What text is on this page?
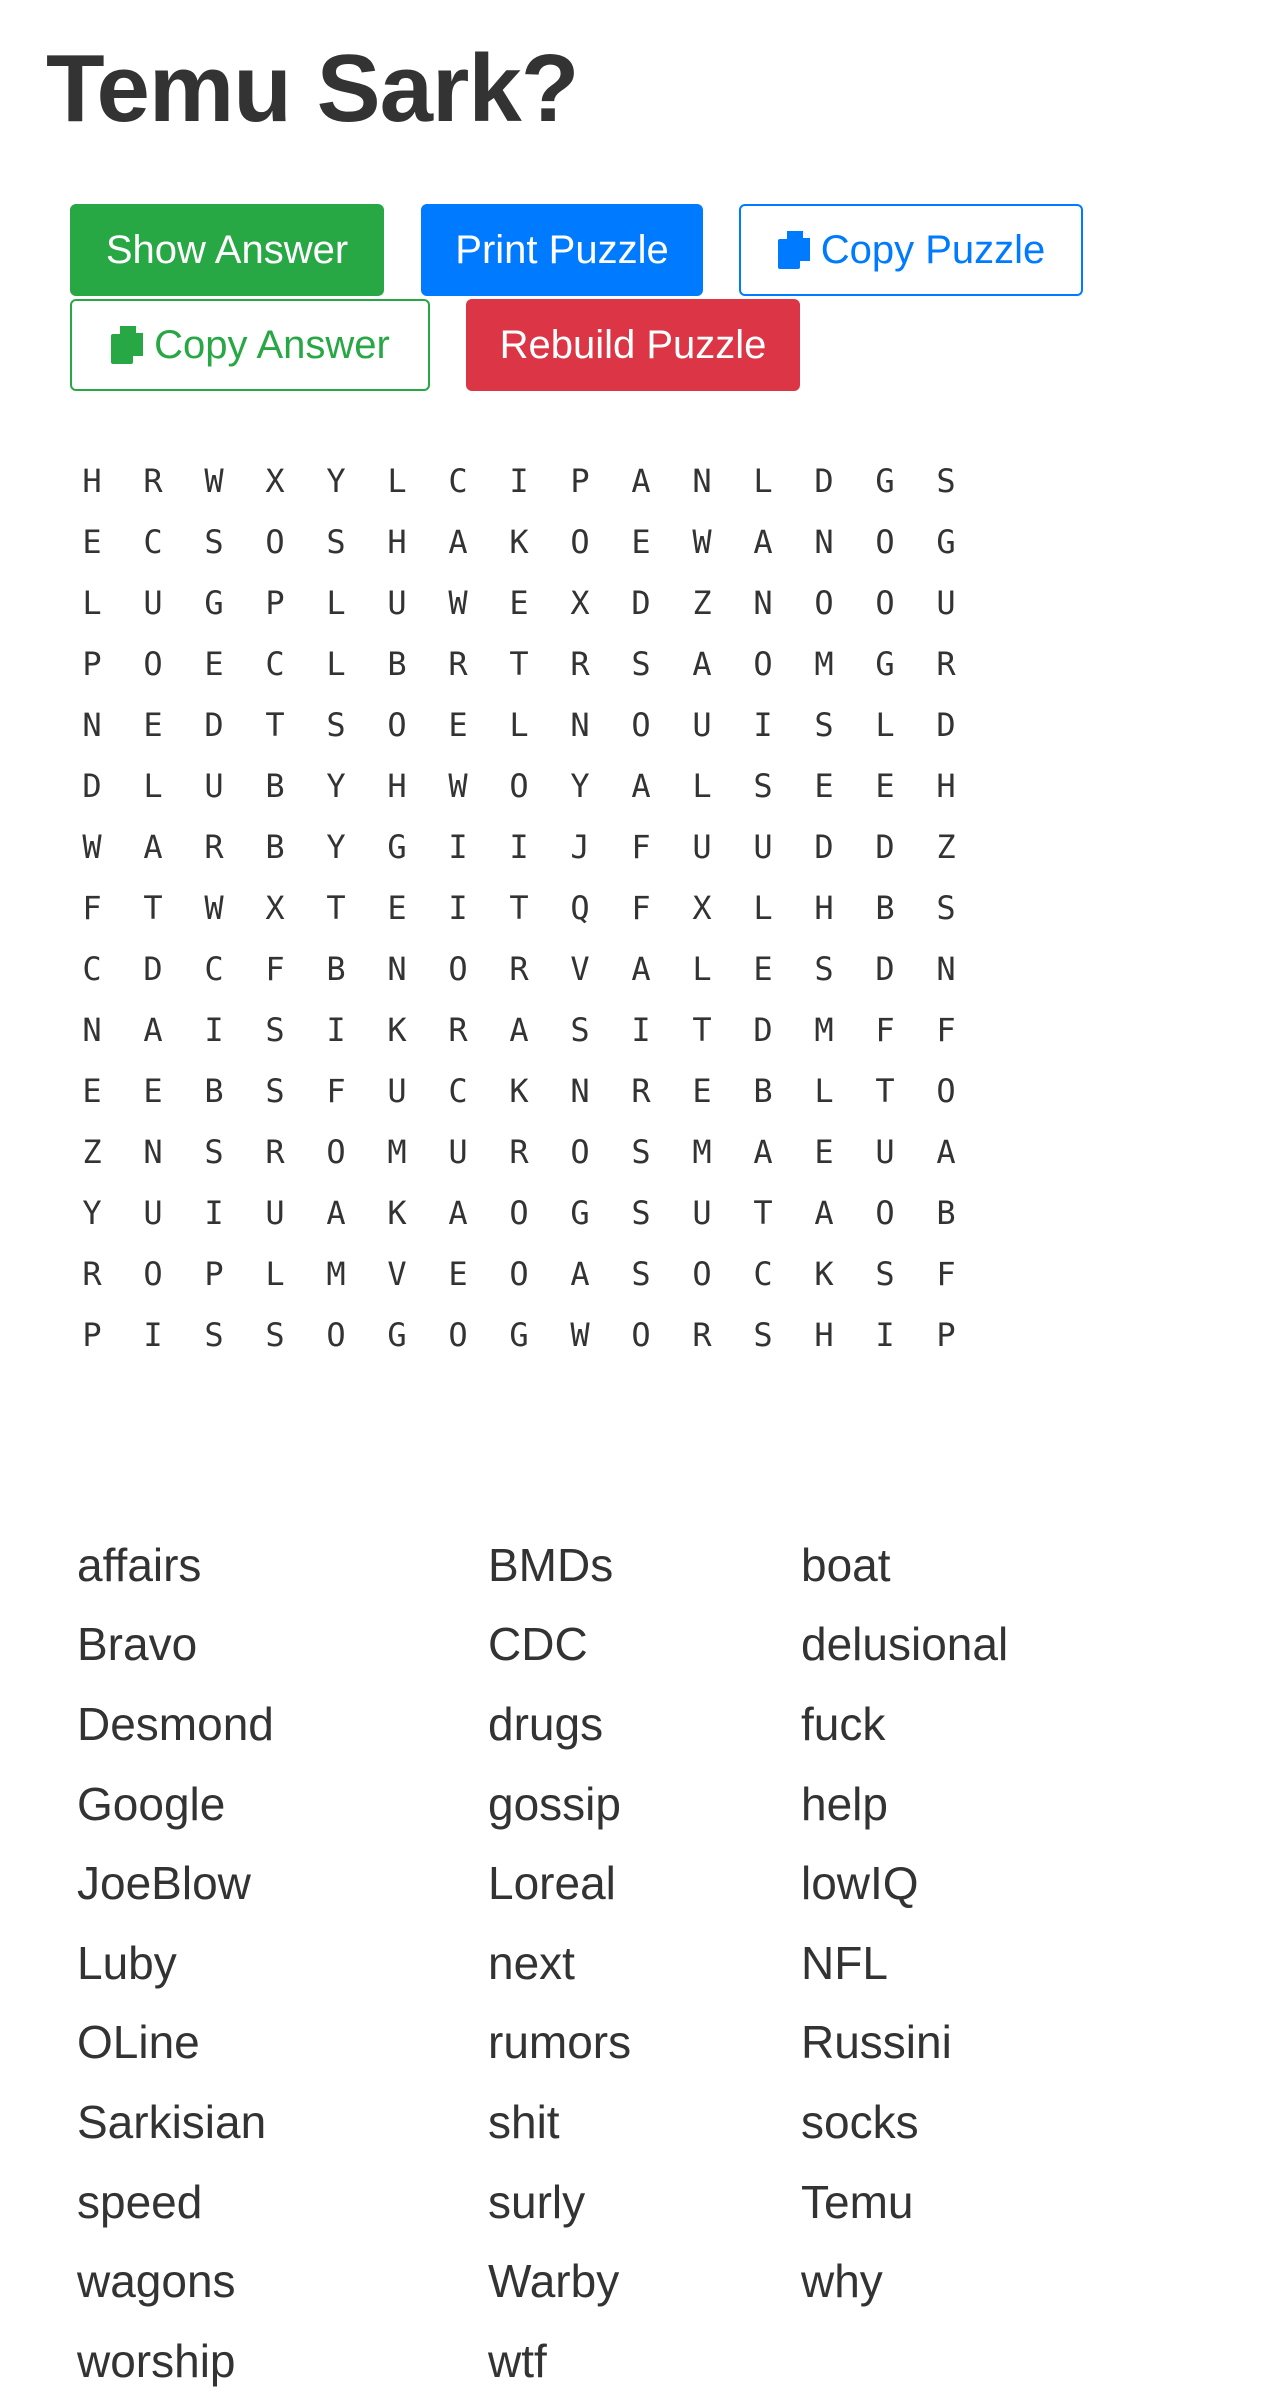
Temu Sark?
Show Answer	Print Puzzle	Copy Puzzle
Copy Answer	Rebuild Puzzle
H	R	W	X	Y	L	C	I	P	A	N	L	D	G	S
E	C	S	O	S	H	A	K	O	E	W	A	N	O	G
L	U	G	P	L	U	W	E	X	D	Z	N	O	O	U
P	O	E	C	L	B	R	T	R	S	A	O	M	G	R
N	E	D	T	S	O	E	L	N	O	U	I	S	L	D
D	L	U	B	Y	H	W	O	Y	A	L	S	E	E	H
W	A	R	B	Y	G	I	I	J	F	U	U	D	D	Z
F	T	W	X	T	E	I	T	Q	F	X	L	H	B	S
C	D	C	F	B	N	O	R	V	A	L	E	S	D	N
N	A	I	S	I	K	R	A	S	I	T	D	M	F	F
E	E	B	S	F	U	C	K	N	R	E	B	L	T	O
Z	N	S	R	O	M	U	R	O	S	M	A	E	U	A
Y	U	I	U	A	K	A	O	G	S	U	T	A	O	B
R	O	P	L	M	V	E	O	A	S	O	C	K	S	F
P	I	S	S	O	G	O	G	W	O	R	S	H	I	P
affairs	BMDs	boat
Bravo	CDC	delusional
Desmond	drugs	fuck
Google	gossip	help
JoeBlow	Loreal	lowIQ
Luby	next	NFL
OLine	rumors	Russini
Sarkisian	shit	socks
speed	surly	Temu
wagons	Warby	why
worship	wtf
